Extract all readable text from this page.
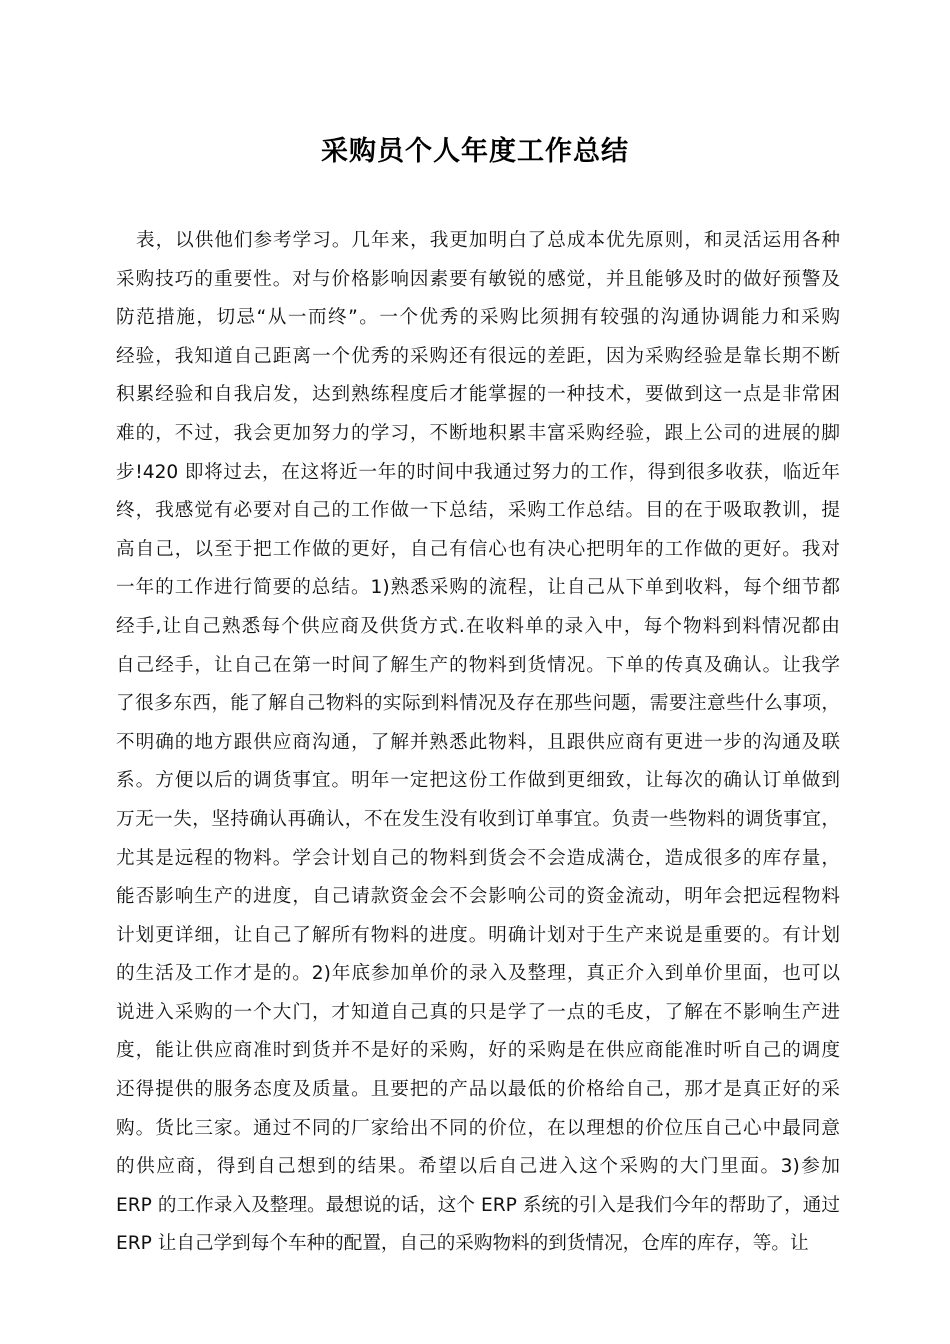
采购员个人年度工作总结
表，以供他们参考学习。几年来，我更加明白了总成本优先原则，和灵活运用各种
采购技巧的重要性。对与价格影响因素要有敏锐的感觉，并且能够及时的做好预警及
防范措施，切忌“从一而终”。一个优秀的采购比须拥有较强的沟通协调能力和采购
经验，我知道自己距离一个优秀的采购还有很远的差距，因为采购经验是靠长期不断
积累经验和自我启发，达到熟练程度后才能掌握的一种技术，要做到这一点是非常困
难的，不过，我会更加努力的学习，不断地积累丰富采购经验，跟上公司的进展的脚
步!420 即将过去，在这将近一年的时间中我通过努力的工作，得到很多收获，临近年
终，我感觉有必要对自己的工作做一下总结，采购工作总结。目的在于吸取教训，提
高自己，以至于把工作做的更好，自己有信心也有决心把明年的工作做的更好。我对
一年的工作进行简要的总结。1)熟悉采购的流程，让自己从下单到收料，每个细节都
经手,让自己熟悉每个供应商及供货方式.在收料单的录入中，每个物料到料情况都由
自己经手，让自己在第一时间了解生产的物料到货情况。下单的传真及确认。让我学
了很多东西，能了解自己物料的实际到料情况及存在那些问题，需要注意些什么事项，
不明确的地方跟供应商沟通，了解并熟悉此物料，且跟供应商有更进一步的沟通及联
系。方便以后的调货事宜。明年一定把这份工作做到更细致，让每次的确认订单做到
万无一失，坚持确认再确认，不在发生没有收到订单事宜。负责一些物料的调货事宜，
尤其是远程的物料。学会计划自己的物料到货会不会造成满仓，造成很多的库存量，
能否影响生产的进度，自己请款资金会不会影响公司的资金流动，明年会把远程物料
计划更详细，让自己了解所有物料的进度。明确计划对于生产来说是重要的。有计划
的生活及工作才是的。2)年底参加单价的录入及整理，真正介入到单价里面，也可以
说进入采购的一个大门，才知道自己真的只是学了一点的毛皮，了解在不影响生产进
度，能让供应商准时到货并不是好的采购，好的采购是在供应商能准时听自己的调度
还得提供的服务态度及质量。且要把的产品以最低的价格给自己，那才是真正好的采
购。货比三家。通过不同的厂家给出不同的价位，在以理想的价位压自己心中最同意
的供应商，得到自己想到的结果。希望以后自己进入这个采购的大门里面。3)参加
ERP 的工作录入及整理。最想说的话，这个 ERP 系统的引入是我们今年的帮助了，通过
ERP 让自己学到每个车种的配置，自己的采购物料的到货情况，仓库的库存，等。让
